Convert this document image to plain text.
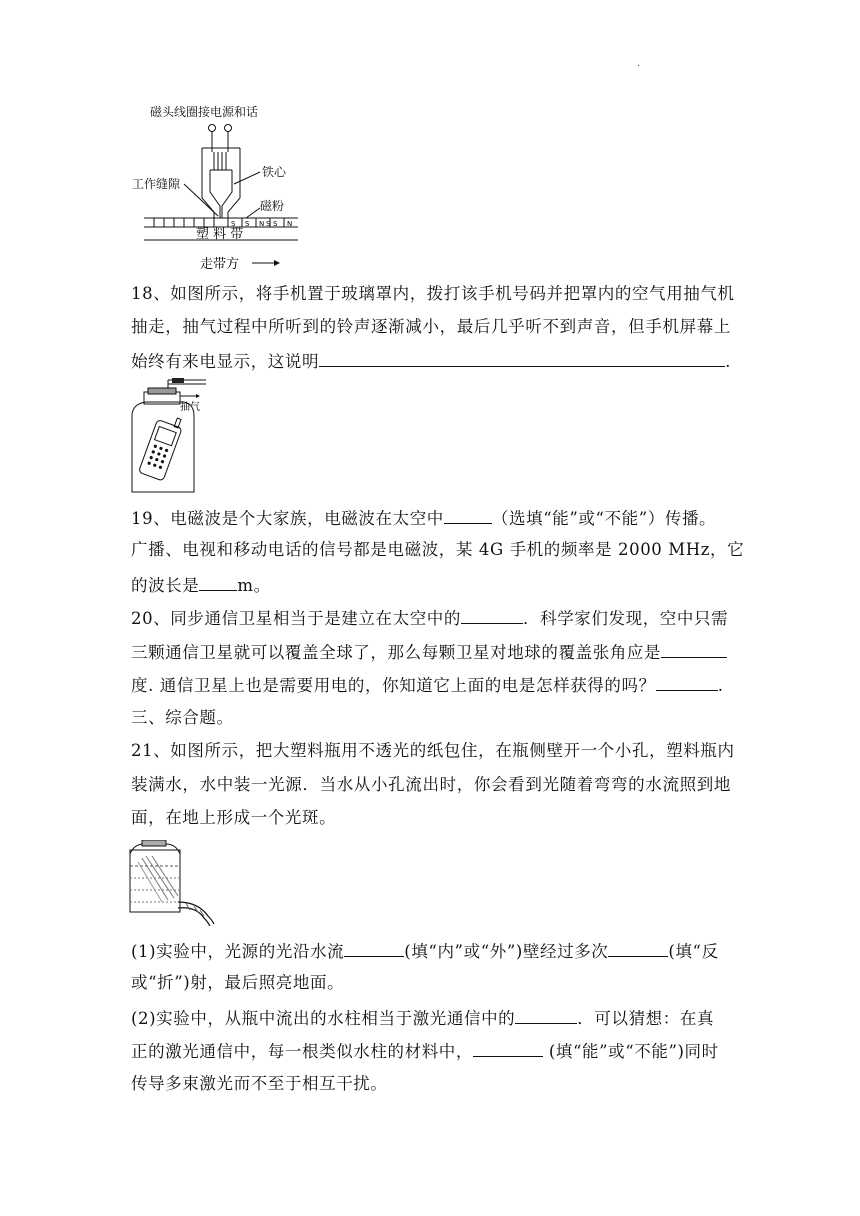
.
磁头线圈接电源和话
铁心
工作缝隙
磁粉
S S N S S N
塑 料 带
走带方
18、如图所示，将手机置于玻璃罩内，拨打该手机号码并把罩内的空气用抽气机
抽走，抽气过程中所听到的铃声逐渐减小，最后几乎听不到声音，但手机屏幕上
始终有来电显示，这说明	.
抽气
19、电磁波是个大家族，电磁波在太空中	（选填“能”或“不能”）传播。
广播、电视和移动电话的信号都是电磁波，某 4G 手机的频率是 2000 MHz，它
的波长是 m。
20、同步通信卫星相当于是建立在太空中的	．科学家们发现，空中只需
三颗通信卫星就可以覆盖全球了，那么每颗卫星对地球的覆盖张角应是
度. 通信卫星上也是需要用电的，你知道它上面的电是怎样获得的吗？	.
三、综合题。
21、如图所示，把大塑料瓶用不透光的纸包住，在瓶侧壁开一个小孔，塑料瓶内
装满水，水中装一光源．当水从小孔流出时，你会看到光随着弯弯的水流照到地
面，在地上形成一个光斑。
(1)实验中，光源的光沿水流	(填“内”或“外”)壁经过多次	(填“反
或“折”)射，最后照亮地面。
(2)实验中，从瓶中流出的水柱相当于激光通信中的	．可以猜想：在真
正的激光通信中，每一根类似水柱的材料中，	(填“能”或“不能”)同时
传导多束激光而不至于相互干扰。
